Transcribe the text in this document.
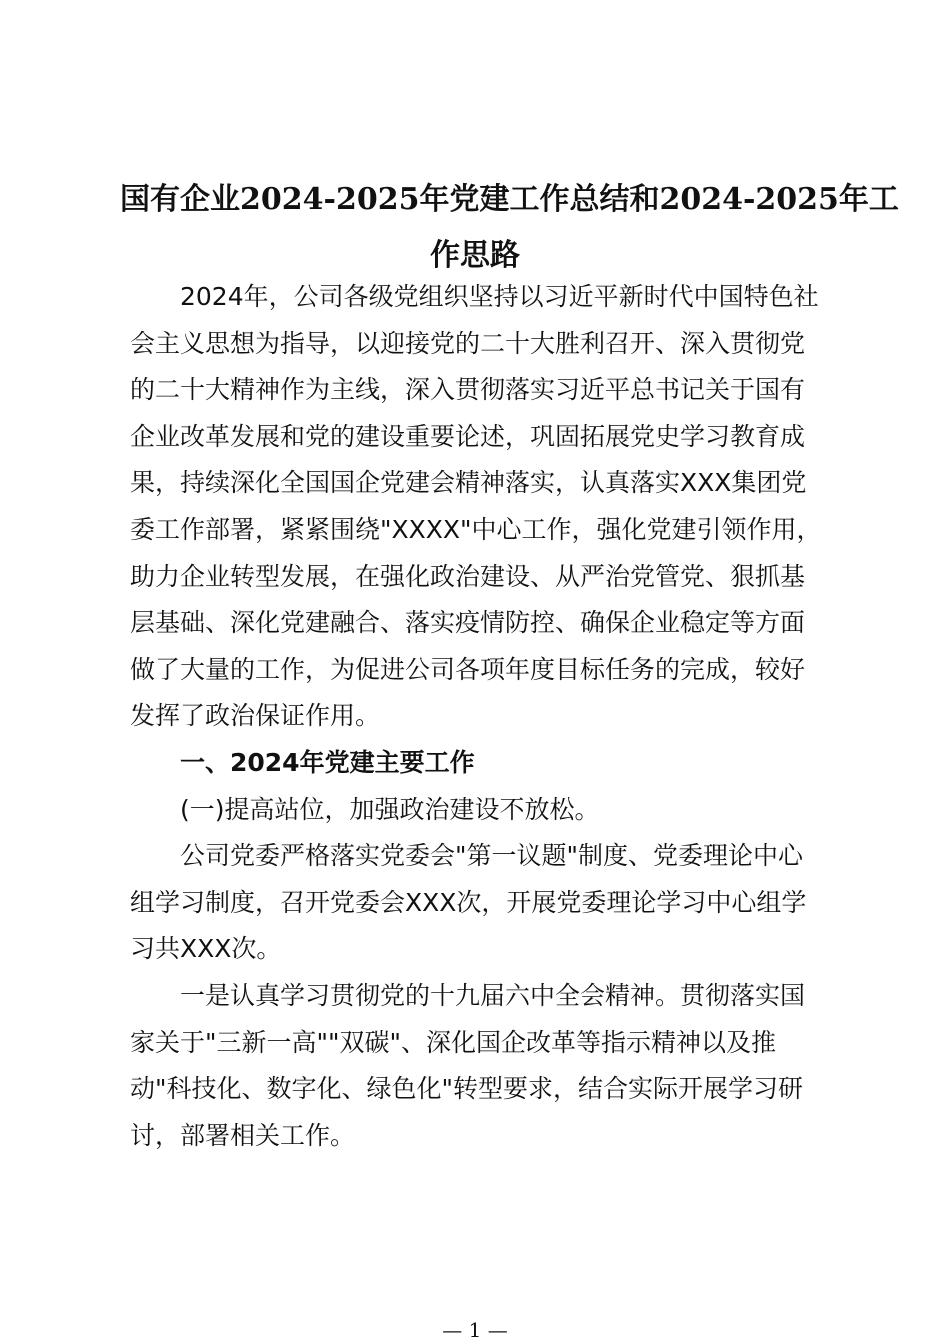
国有企业2024-2025年党建工作总结和2024-2025年工
作思路
2024年，公司各级党组织坚持以习近平新时代中国特色社
会主义思想为指导，以迎接党的二十大胜利召开、深入贯彻党
的二十大精神作为主线，深入贯彻落实习近平总书记关于国有
企业改革发展和党的建设重要论述，巩固拓展党史学习教育成
果，持续深化全国国企党建会精神落实，认真落实XXX集团党
委工作部署，紧紧围绕"XXXX"中心工作，强化党建引领作用，
助力企业转型发展，在强化政治建设、从严治党管党、狠抓基
层基础、深化党建融合、落实疫情防控、确保企业稳定等方面
做了大量的工作，为促进公司各项年度目标任务的完成，较好
发挥了政治保证作用。
一、2024年党建主要工作
(一)提高站位，加强政治建设不放松。
公司党委严格落实党委会"第一议题"制度、党委理论中心
组学习制度，召开党委会XXX次，开展党委理论学习中心组学
习共XXX次。
一是认真学习贯彻党的十九届六中全会精神。贯彻落实国
家关于"三新一高""双碳"、深化国企改革等指示精神以及推
动"科技化、数字化、绿色化"转型要求，结合实际开展学习研
讨，部署相关工作。
— 1 —
